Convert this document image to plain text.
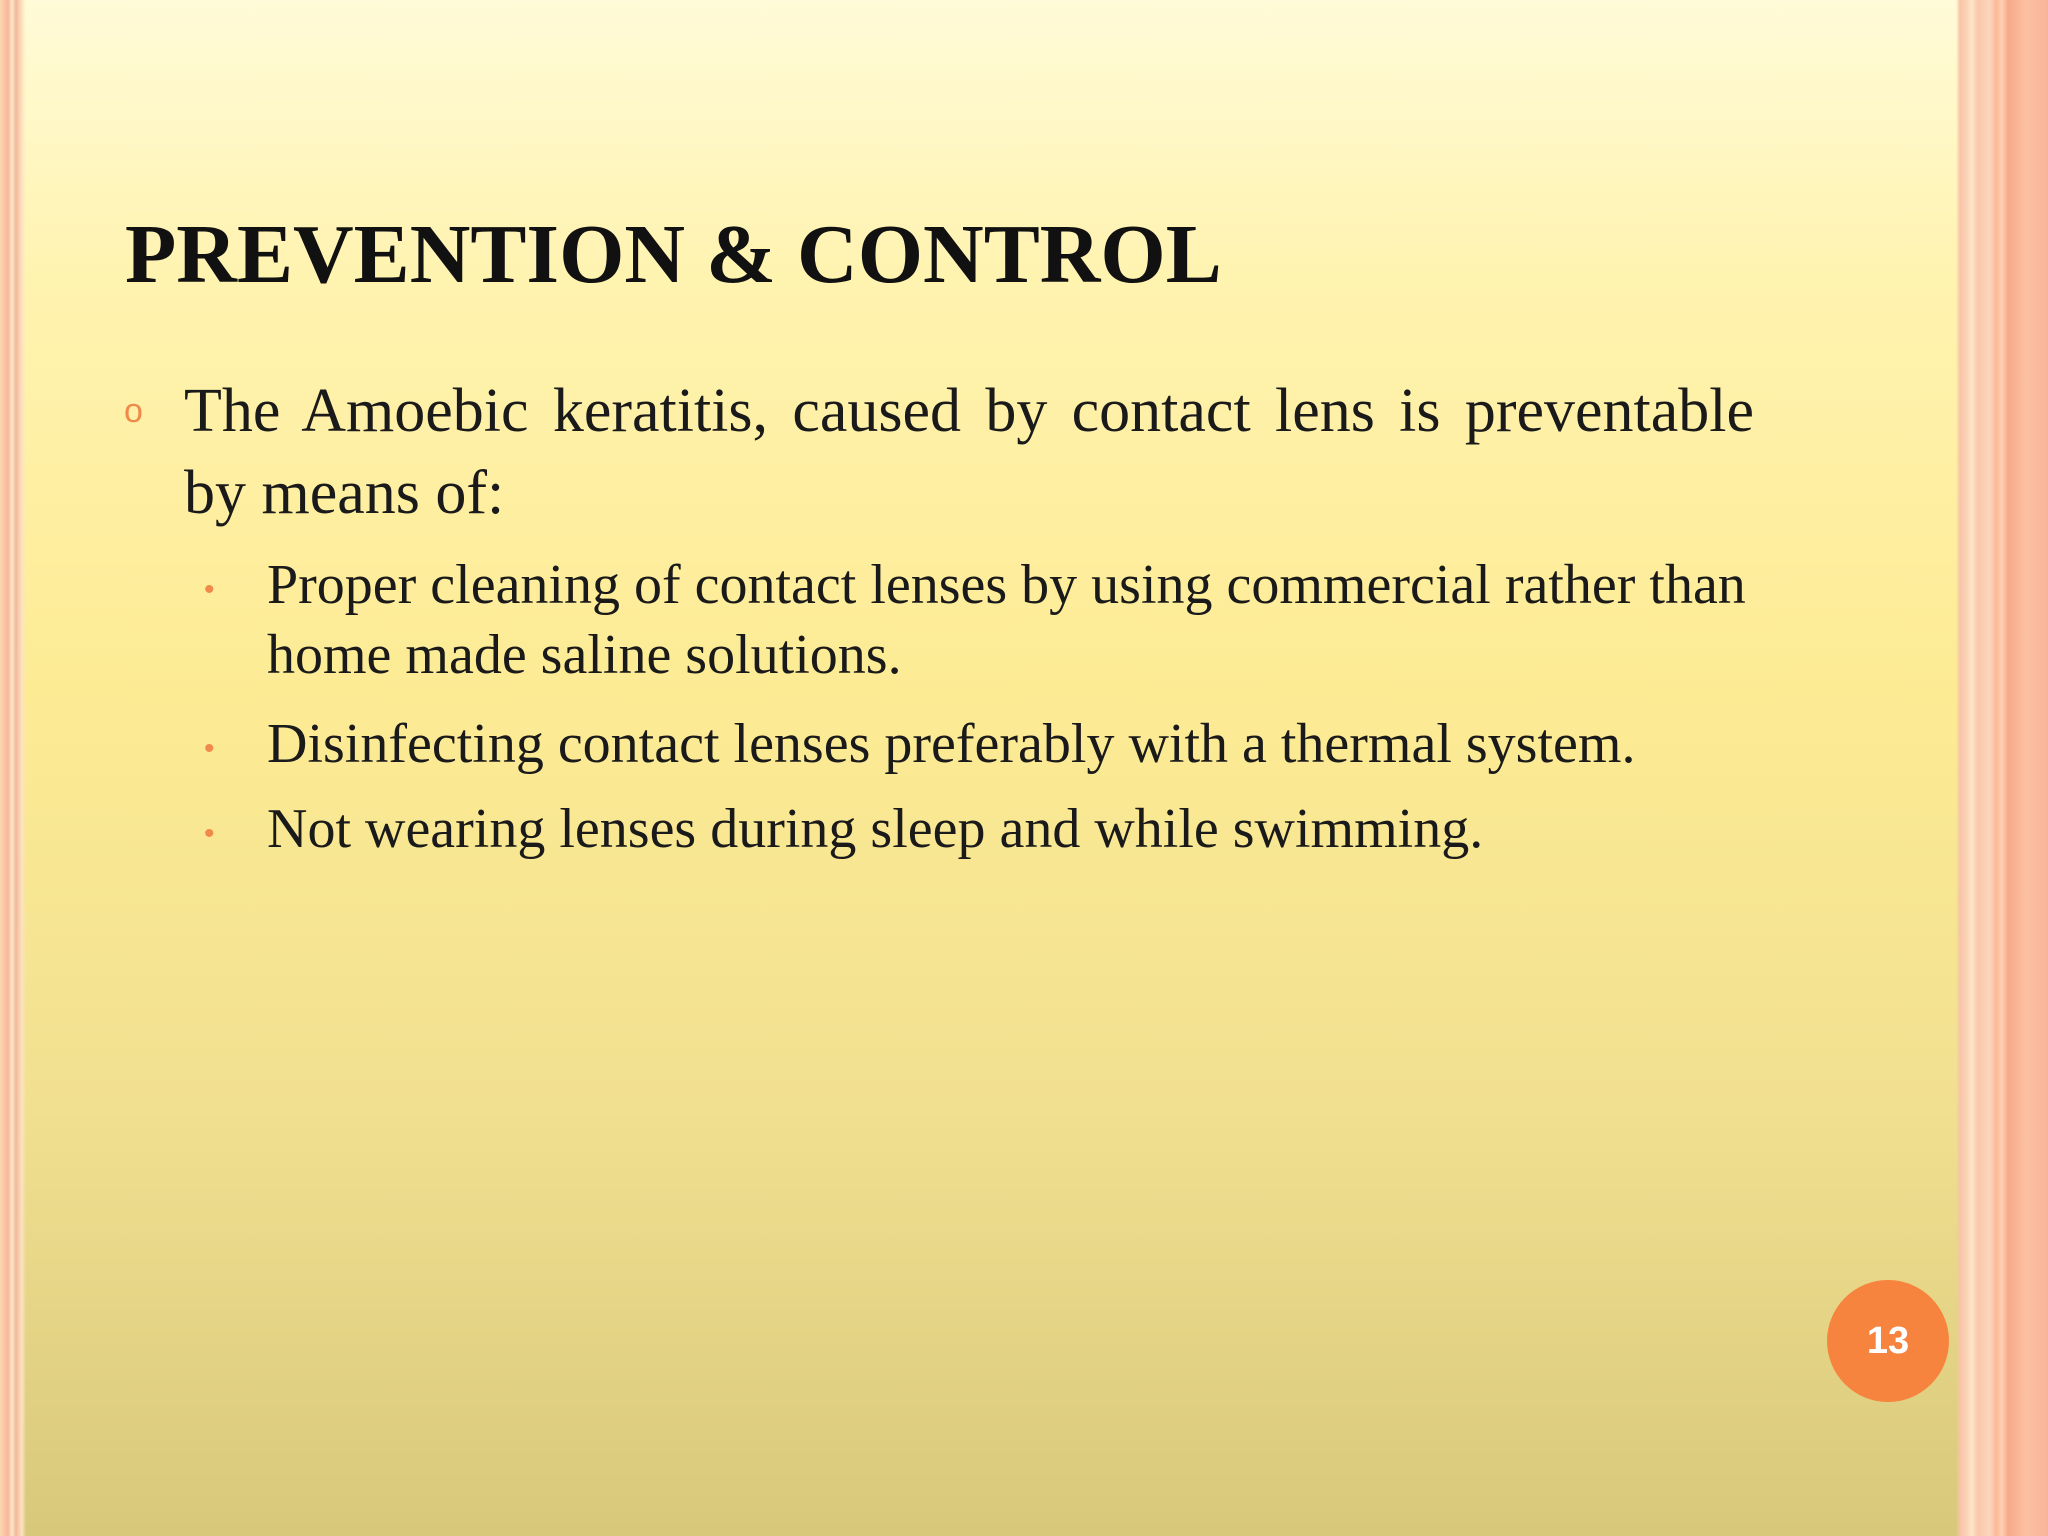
PREVENTION & CONTROL
o The Amoebic keratitis, caused by contact lens is preventable by means of:
• Proper cleaning of contact lenses by using commercial rather than home made saline solutions.
• Disinfecting contact lenses preferably with a thermal system.
• Not wearing lenses during sleep and while swimming.
13
